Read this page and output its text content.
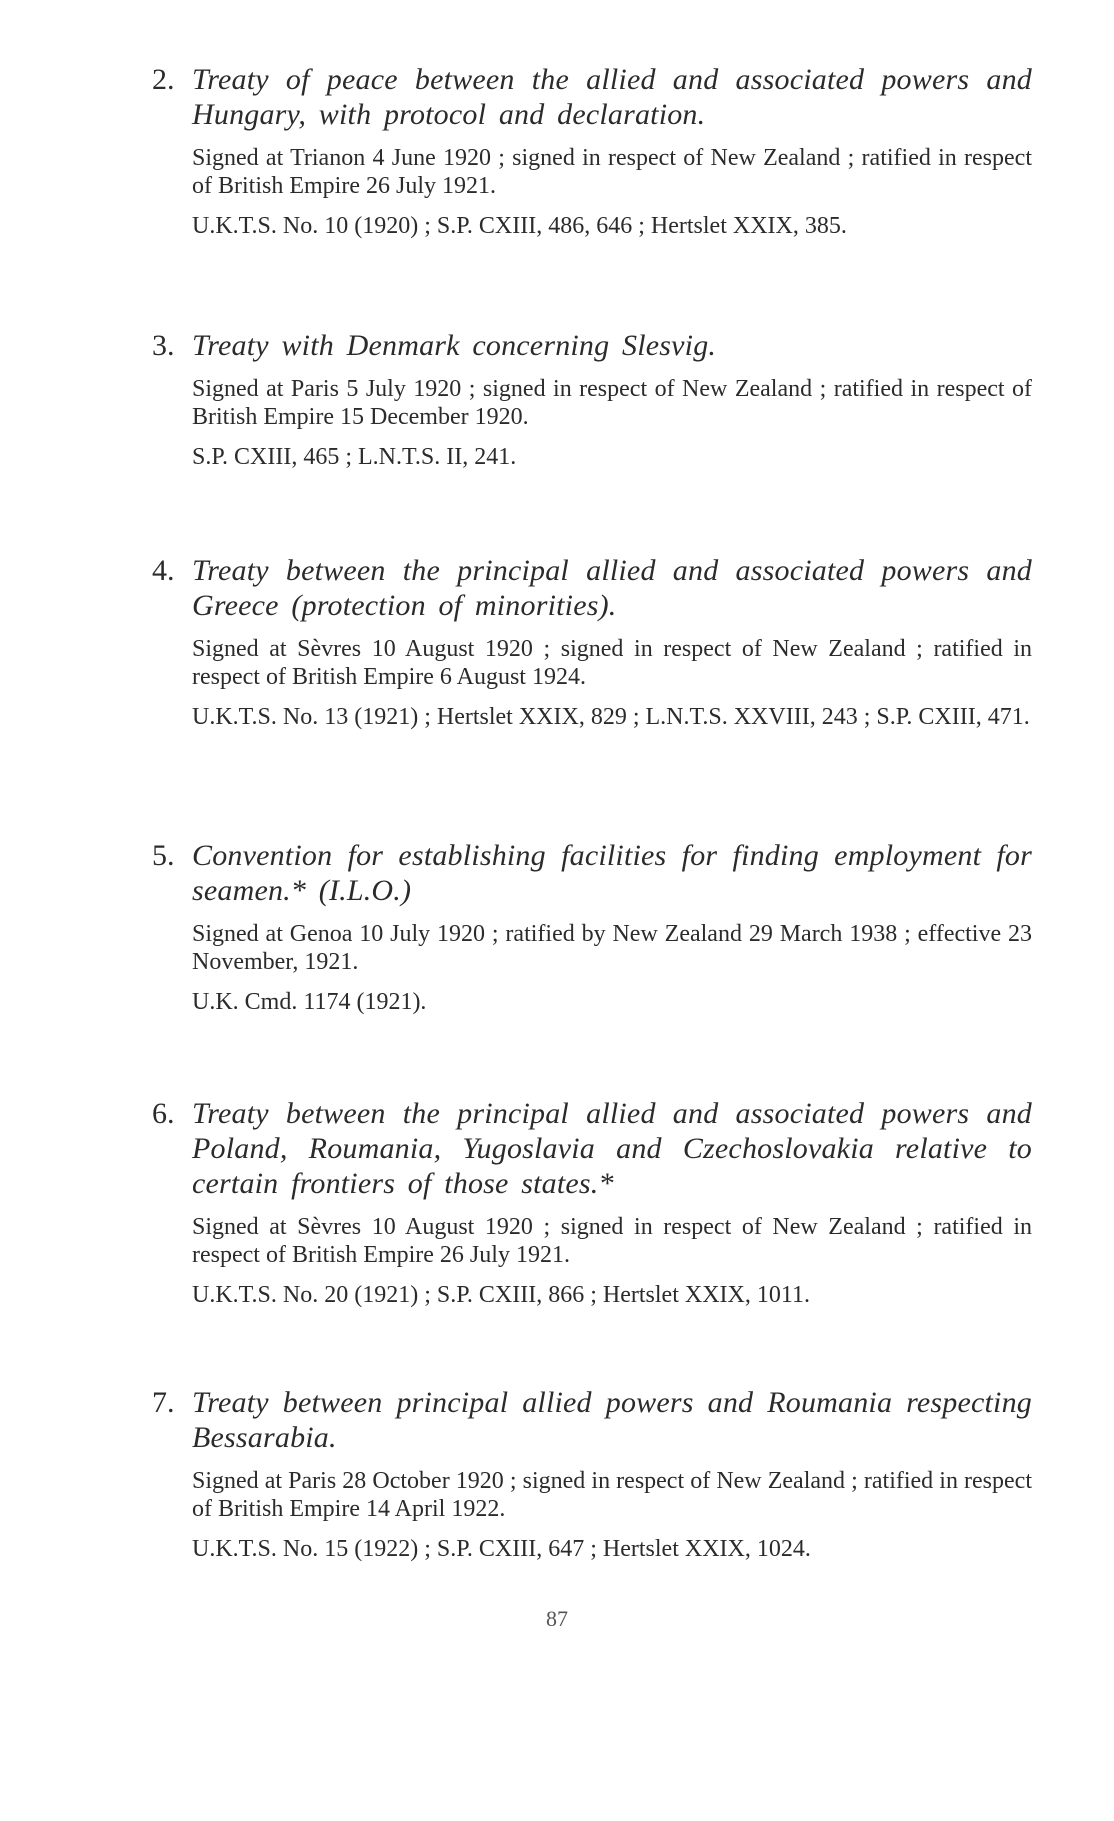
2. Treaty of peace between the allied and associated powers and Hungary, with protocol and declaration.
Signed at Trianon 4 June 1920 ; signed in respect of New Zealand ; ratified in respect of British Empire 26 July 1921.
U.K.T.S. No. 10 (1920) ; S.P. CXIII, 486, 646 ; Hertslet XXIX, 385.
3. Treaty with Denmark concerning Slesvig.
Signed at Paris 5 July 1920 ; signed in respect of New Zealand ; ratified in respect of British Empire 15 December 1920.
S.P. CXIII, 465 ; L.N.T.S. II, 241.
4. Treaty between the principal allied and associated powers and Greece (protection of minorities).
Signed at Sèvres 10 August 1920 ; signed in respect of New Zealand ; ratified in respect of British Empire 6 August 1924.
U.K.T.S. No. 13 (1921) ; Hertslet XXIX, 829 ; L.N.T.S. XXVIII, 243 ; S.P. CXIII, 471.
5. Convention for establishing facilities for finding employment for seamen.* (I.L.O.)
Signed at Genoa 10 July 1920 ; ratified by New Zealand 29 March 1938 ; effective 23 November, 1921.
U.K. Cmd. 1174 (1921).
6. Treaty between the principal allied and associated powers and Poland, Roumania, Yugoslavia and Czechoslovakia relative to certain frontiers of those states.*
Signed at Sèvres 10 August 1920 ; signed in respect of New Zealand ; ratified in respect of British Empire 26 July 1921.
U.K.T.S. No. 20 (1921) ; S.P. CXIII, 866 ; Hertslet XXIX, 1011.
7. Treaty between principal allied powers and Roumania respecting Bessarabia.
Signed at Paris 28 October 1920 ; signed in respect of New Zealand ; ratified in respect of British Empire 14 April 1922.
U.K.T.S. No. 15 (1922) ; S.P. CXIII, 647 ; Hertslet XXIX, 1024.
87
